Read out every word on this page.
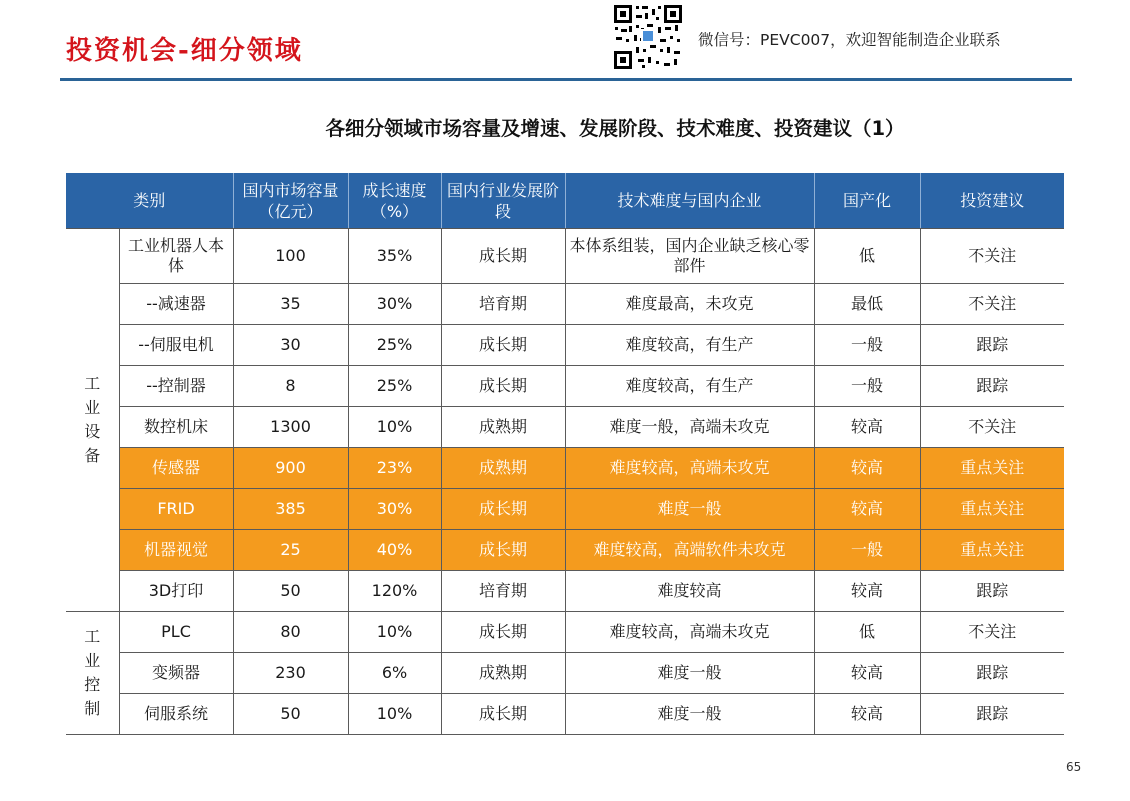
投资机会-细分领域	微信号：PEVC007，欢迎智能制造企业联系
各细分领域市场容量及增速、发展阶段、技术难度、投资建议（1）
类别		国内市场容量（亿元）	成长速度（%）	国内行业发展阶段	技术难度与国内企业	国产化	投资建议
工业设备	工业机器人本体	100	35%	成长期	本体系组装，国内企业缺乏核心零部件	低	不关注
	--减速器	35	30%	培育期	难度最高，未攻克	最低	不关注
	--伺服电机	30	25%	成长期	难度较高，有生产	一般	跟踪
	--控制器	8	25%	成长期	难度较高，有生产	一般	跟踪
	数控机床	1300	10%	成熟期	难度一般，高端未攻克	较高	不关注
	传感器	900	23%	成熟期	难度较高，高端未攻克	较高	重点关注
	FRID	385	30%	成长期	难度一般	较高	重点关注
	机器视觉	25	40%	成长期	难度较高，高端软件未攻克	一般	重点关注
	3D打印	50	120%	培育期	难度较高	较高	跟踪
工业控制	PLC	80	10%	成长期	难度较高，高端未攻克	低	不关注
	变频器	230	6%	成熟期	难度一般	较高	跟踪
	伺服系统	50	10%	成长期	难度一般	较高	跟踪
65
